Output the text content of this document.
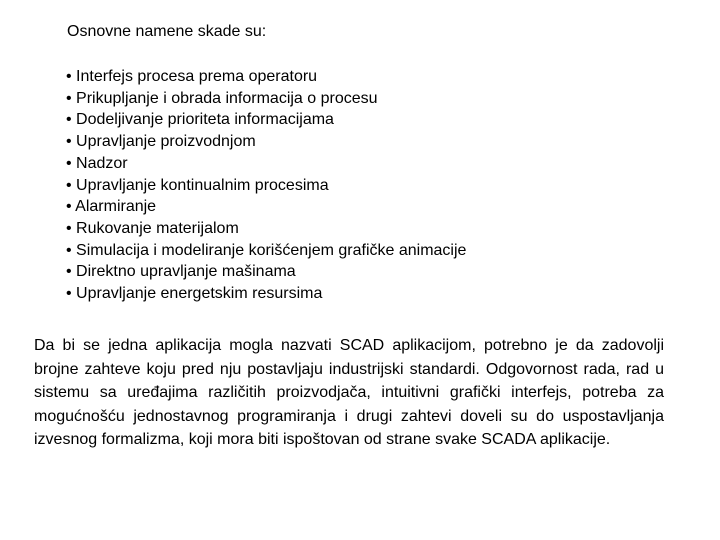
Osnovne namene skade su:
• Interfejs procesa prema operatoru
• Prikupljanje i obrada informacija o procesu
• Dodeljivanje prioriteta informacijama
• Upravljanje proizvodnjom
• Nadzor
• Upravljanje kontinualnim procesima
• Alarmiranje
• Rukovanje materijalom
• Simulacija i modeliranje korišćenjem grafičke animacije
• Direktno upravljanje mašinama
• Upravljanje energetskim resursima

Da bi se jedna aplikacija mogla nazvati SCAD aplikacijom, potrebno je da zadovolji brojne zahteve koju pred nju postavljaju industrijski standardi. Odgovornost rada, rad u sistemu sa uređajima različitih proizvodjača, intuitivni grafički interfejs, potreba za mogućnošću jednostavnog programiranja i drugi zahtevi doveli su do uspostavljanja izvesnog formalizma, koji mora biti ispoštovan od strane svake SCADA aplikacije.
